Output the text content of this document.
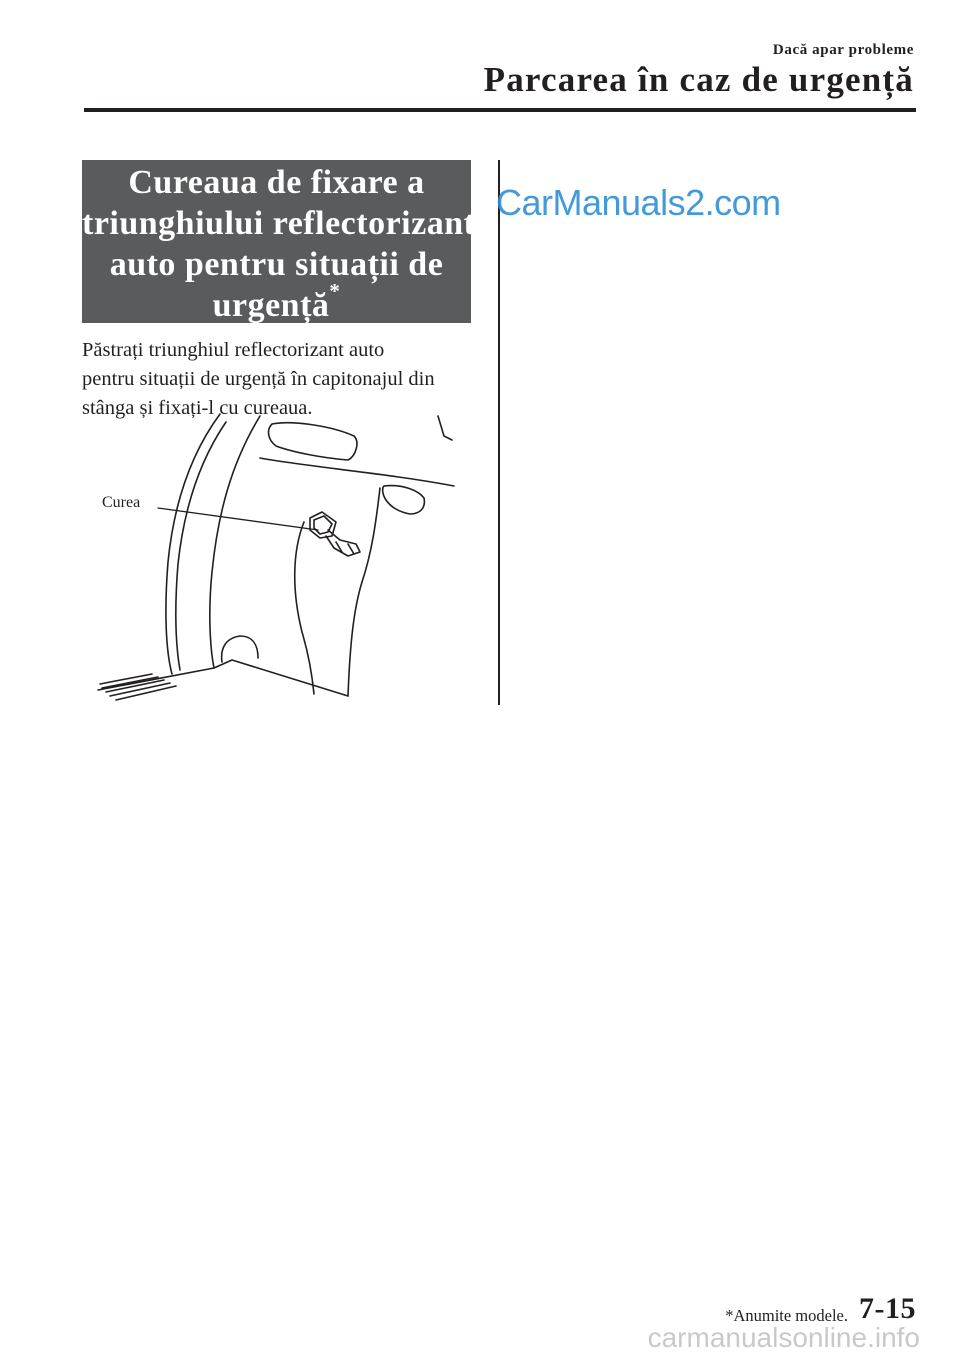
Dacă apar probleme
Parcarea în caz de urgență
Cureaua de fixare a
triunghiului reflectorizant
auto pentru situații de
urgență*
Păstrați triunghiul reflectorizant auto
pentru situații de urgență în capitonajul din
stânga și fixați-l cu cureaua.
CarManuals2.com
Curea
*Anumite modele. 7-15
carmanualsonline.info
